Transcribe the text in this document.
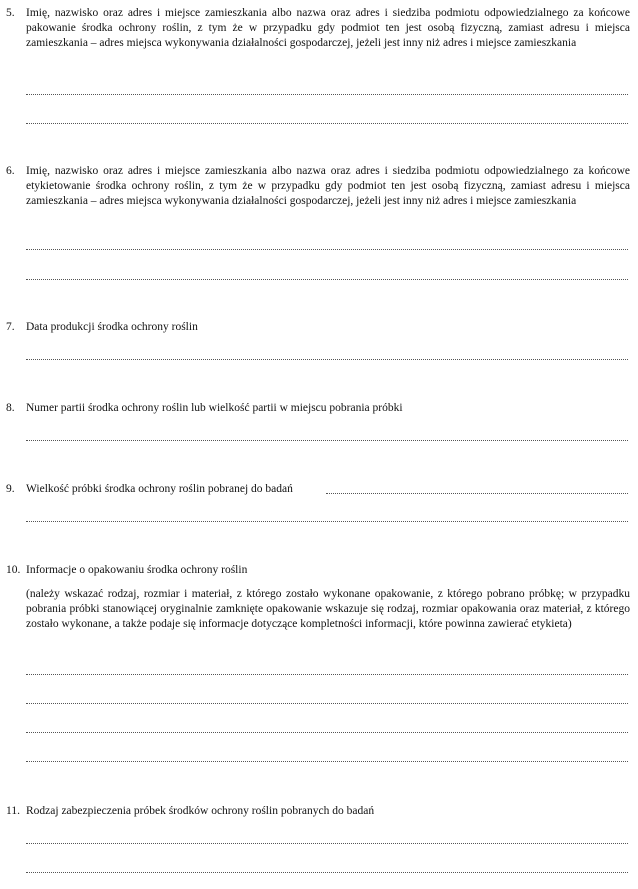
5. Imię, nazwisko oraz adres i miejsce zamieszkania albo nazwa oraz adres i siedziba podmiotu odpowiedzialnego za końcowe pakowanie środka ochrony roślin, z tym że w przypadku gdy podmiot ten jest osobą fizyczną, zamiast adresu i miejsca zamieszkania – adres miejsca wykonywania działalności gospodarczej, jeżeli jest inny niż adres i miejsce zamieszkania
6. Imię, nazwisko oraz adres i miejsce zamieszkania albo nazwa oraz adres i siedziba podmiotu odpowiedzialnego za końcowe etykietowanie środka ochrony roślin, z tym że w przypadku gdy podmiot ten jest osobą fizyczną, zamiast adresu i miejsca zamieszkania – adres miejsca wykonywania działalności gospodarczej, jeżeli jest inny niż adres i miejsce zamieszkania
7. Data produkcji środka ochrony roślin
8. Numer partii środka ochrony roślin lub wielkość partii w miejscu pobrania próbki
9. Wielkość próbki środka ochrony roślin pobranej do badań
10. Informacje o opakowaniu środka ochrony roślin
(należy wskazać rodzaj, rozmiar i materiał, z którego zostało wykonane opakowanie, z którego pobrano próbkę; w przypadku pobrania próbki stanowiącej oryginalnie zamknięte opakowanie wskazuje się rodzaj, rozmiar opakowania oraz materiał, z którego zostało wykonane, a także podaje się informacje dotyczące kompletności informacji, które powinna zawierać etykieta)
11. Rodzaj zabezpieczenia próbek środków ochrony roślin pobranych do badań
